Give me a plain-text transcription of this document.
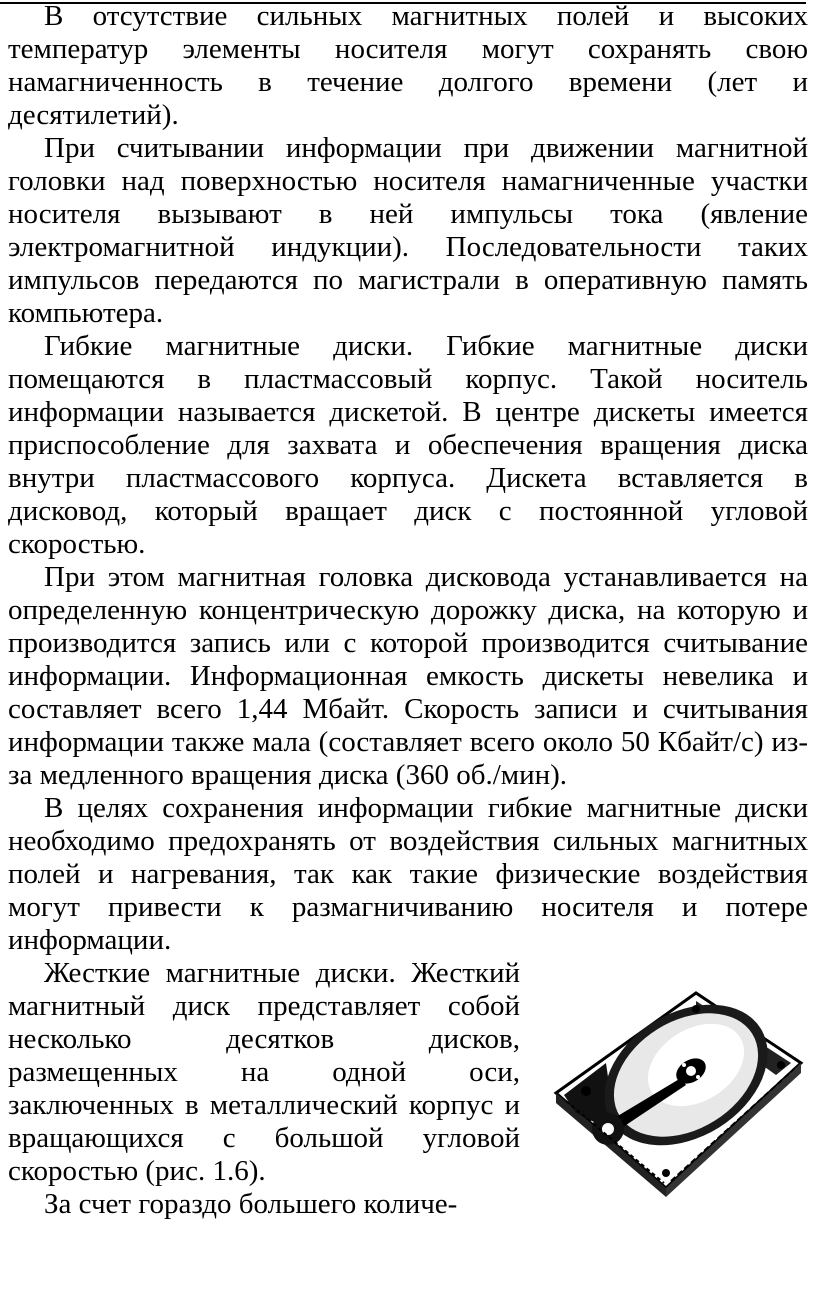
В отсутствие сильных магнитных полей и высоких температур элементы носителя могут сохранять свою намагниченность в течение долгого времени (лет и десятилетий).

При считывании информации при движении магнитной головки над поверхностью носителя намагниченные участки носителя вызывают в ней импульсы тока (явление электромагнитной индукции). Последовательности таких импульсов передаются по магистрали в оперативную память компьютера.

Гибкие магнитные диски. Гибкие магнитные диски помещаются в пластмассовый корпус. Такой носитель информации называется дискетой. В центре дискеты имеется приспособление для захвата и обеспечения вращения диска внутри пластмассового корпуса. Дискета вставляется в дисковод, который вращает диск с постоянной угловой скоростью.

При этом магнитная головка дисковода устанавливается на определенную концентрическую дорожку диска, на которую и производится запись или с которой производится считывание информации. Информационная емкость дискеты невелика и составляет всего 1,44 Мбайт. Скорость записи и считывания информации также мала (составляет всего около 50 Кбайт/с) из-за медленного вращения диска (360 об./мин).

В целях сохранения информации гибкие магнитные диски необходимо предохранять от воздействия сильных магнитных полей и нагревания, так как такие физические воздействия могут привести к размагничиванию носителя и потере информации.

Жесткие магнитные диски. Жесткий магнитный диск представляет собой несколько десятков дисков, размещенных на одной оси, заключенных в металлический корпус и вращающихся с большой угловой скоростью (рис. 1.6).

За счет гораздо большего количе-
